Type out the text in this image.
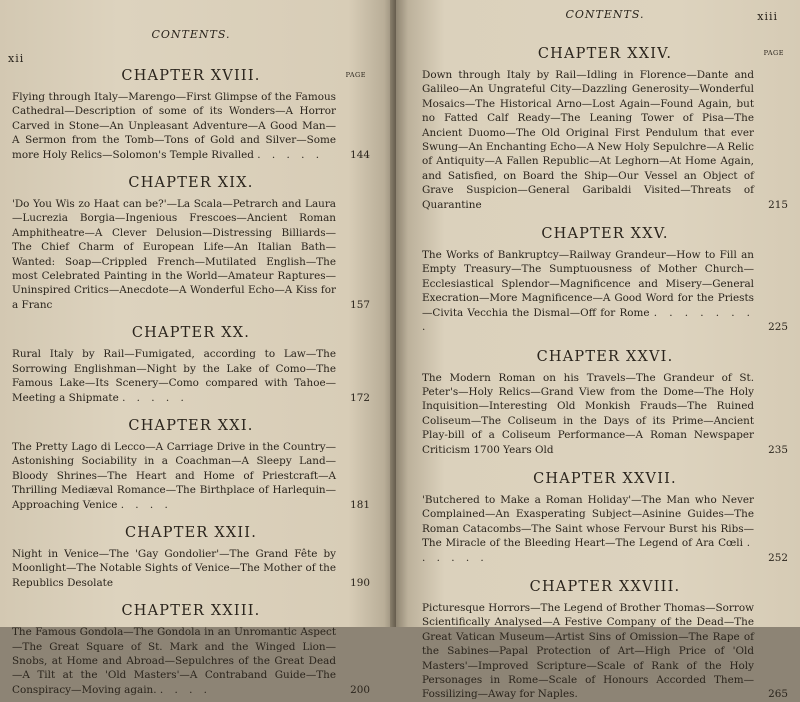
CONTENTS.
xii
CHAPTER XVIII.	PAGE

Flying through Italy—Marengo—First Glimpse of the Famous Cathedral—Description of some of its Wonders—A Horror Carved in Stone—An Unpleasant Adventure—A Good Man—A Sermon from the Tomb—Tons of Gold and Silver—Some more Holy Relics—Solomon's Temple Rivalled . . . . .	144

CHAPTER XIX.

'Do You Wis zo Haat can be?'—La Scala—Petrarch and Laura—Lucrezia Borgia—Ingenious Frescoes—Ancient Roman Amphitheatre—A Clever Delusion—Distressing Billiards—The Chief Charm of European Life—An Italian Bath—Wanted: Soap—Crippled French—Mutilated English—The most Celebrated Painting in the World—Amateur Raptures—Uninspired Critics—Anecdote—A Wonderful Echo—A Kiss for a Franc	157

CHAPTER XX.

Rural Italy by Rail—Fumigated, according to Law—The Sorrowing Englishman—Night by the Lake of Como—The Famous Lake—Its Scenery—Como compared with Tahoe—Meeting a Shipmate . . . . .	172

CHAPTER XXI.

The Pretty Lago di Lecco—A Carriage Drive in the Country—Astonishing Sociability in a Coachman—A Sleepy Land—Bloody Shrines—The Heart and Home of Priestcraft—A Thrilling Mediæval Romance—The Birthplace of Harlequin—Approaching Venice . . . .	181

CHAPTER XXII.

Night in Venice—The 'Gay Gondolier'—The Grand Fête by Moonlight—The Notable Sights of Venice—The Mother of the Republics Desolate	190

CHAPTER XXIII.

The Famous Gondola—The Gondola in an Unromantic Aspect—The Great Square of St. Mark and the Winged Lion—Snobs, at Home and Abroad—Sepulchres of the Great Dead—A Tilt at the 'Old Masters'—A Contraband Guide—The Conspiracy—Moving again. . . . .	200

CONTENTS.	xiii
CHAPTER XXIV.	PAGE

Down through Italy by Rail—Idling in Florence—Dante and Galileo—An Ungrateful City—Dazzling Generosity—Wonderful Mosaics—The Historical Arno—Lost Again—Found Again, but no Fatted Calf Ready—The Leaning Tower of Pisa—The Ancient Duomo—The Old Original First Pendulum that ever Swung—An Enchanting Echo—A New Holy Sepulchre—A Relic of Antiquity—A Fallen Republic—At Leghorn—At Home Again, and Satisfied, on Board the Ship—Our Vessel an Object of Grave Suspicion—General Garibaldi Visited—Threats of Quarantine	215

CHAPTER XXV.

The Works of Bankruptcy—Railway Grandeur—How to Fill an Empty Treasury—The Sumptuousness of Mother Church—Ecclesiastical Splendor—Magnificence and Misery—General Execration—More Magnificence—A Good Word for the Priests—Civita Vecchia the Dismal—Off for Rome . . . . . . . .	225

CHAPTER XXVI.

The Modern Roman on his Travels—The Grandeur of St. Peter's—Holy Relics—Grand View from the Dome—The Holy Inquisition—Interesting Old Monkish Frauds—The Ruined Coliseum—The Coliseum in the Days of its Prime—Ancient Play-bill of a Coliseum Performance—A Roman Newspaper Criticism 1700 Years Old	235

CHAPTER XXVII.

'Butchered to Make a Roman Holiday'—The Man who Never Complained—An Exasperating Subject—Asinine Guides—The Roman Catacombs—The Saint whose Fervour Burst his Ribs—The Miracle of the Bleeding Heart—The Legend of Ara Cœli . . . . . .	252

CHAPTER XXVIII.

Picturesque Horrors—The Legend of Brother Thomas—Sorrow Scientifically Analysed—A Festive Company of the Dead—The Great Vatican Museum—Artist Sins of Omission—The Rape of the Sabines—Papal Protection of Art—High Price of 'Old Masters'—Improved Scripture—Scale of Rank of the Holy Personages in Rome—Scale of Honours Accorded Them—Fossilizing—Away for Naples.	265
